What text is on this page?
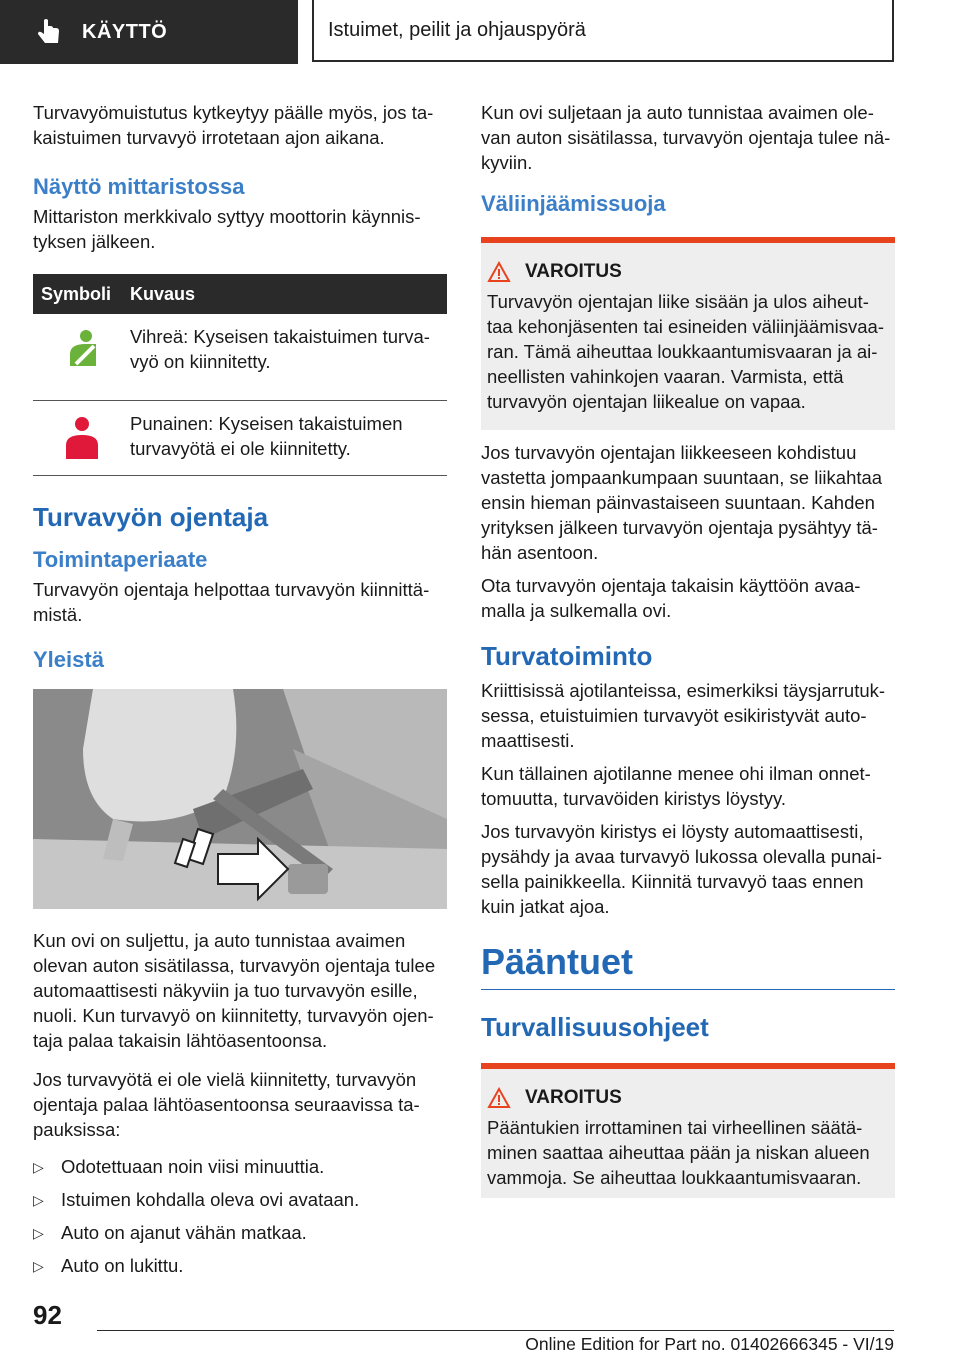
KÄYTTÖ	Istuimet, peilit ja ohjauspyörä

Turvavyömuistutus kytkeytyy päälle myös, jos ta-kaistuimen turvavyö irrotetaan ajon aikana.

Näyttö mittaristossa

Mittariston merkkivalo syttyy moottorin käynnis-tyksen jälkeen.

Symboli	Kuvaus
Vihreä: Kyseisen takaistuimen turva-vyö on kiinnitetty.
Punainen: Kyseisen takaistuimen turvavyötä ei ole kiinnitetty.
Turvavyön ojentaja
Toimintaperiaate

Turvavyön ojentaja helpottaa turvavyön kiinnittä-mistä.

Yleistä

Kun ovi on suljettu, ja auto tunnistaa avaimen olevan auton sisätilassa, turvavyön ojentaja tulee automaattisesti näkyviin ja tuo turvavyön esille, nuoli. Kun turvavyö on kiinnitetty, turvavyön ojen-taja palaa takaisin lähtöasentoonsa.

Jos turvavyötä ei ole vielä kiinnitetty, turvavyön ojentaja palaa lähtöasentoonsa seuraavissa ta-pauksissa:

▷ Odotettuaan noin viisi minuuttia.
▷ Istuimen kohdalla oleva ovi avataan.
▷ Auto on ajanut vähän matkaa.
▷ Auto on lukittu.

Kun ovi suljetaan ja auto tunnistaa avaimen ole-van auton sisätilassa, turvavyön ojentaja tulee nä-kyviin.

Väliinjäämissuoja
VAROITUS

Turvavyön ojentajan liike sisään ja ulos aiheut-taa kehonjäsenten tai esineiden väliinjäämisvaa-ran. Tämä aiheuttaa loukkaantumisvaaran ja ai-neellisten vahinkojen vaaran. Varmista, että turvavyön ojentajan liikealue on vapaa.

Jos turvavyön ojentajan liikkeeseen kohdistuu vastetta jompaankumpaan suuntaan, se liikahtaa ensin hieman päinvastaiseen suuntaan. Kahden yrityksen jälkeen turvavyön ojentaja pysähtyy tä-hän asentoon.

Ota turvavyön ojentaja takaisin käyttöön avaa-malla ja sulkemalla ovi.

Turvatoiminto

Kriittisissä ajotilanteissa, esimerkiksi täysjarrutuk-sessa, etuistuimien turvavyöt esikiristyvät auto-maattisesti.

Kun tällainen ajotilanne menee ohi ilman onnet-tomuutta, turvavöiden kiristys löystyy.

Jos turvavyön kiristys ei löysty automaattisesti, pysähdy ja avaa turvavyö lukossa olevalla punai-sella painikkeella. Kiinnitä turvavyö taas ennen kuin jatkat ajoa.

Pääntuet
Turvallisuusohjeet
VAROITUS

Pääntukien irrottaminen tai virheellinen säätä-minen saattaa aiheuttaa pään ja niskan alueen vammoja. Se aiheuttaa loukkaantumisvaaran.

92
Online Edition for Part no. 01402666345 - VI/19
